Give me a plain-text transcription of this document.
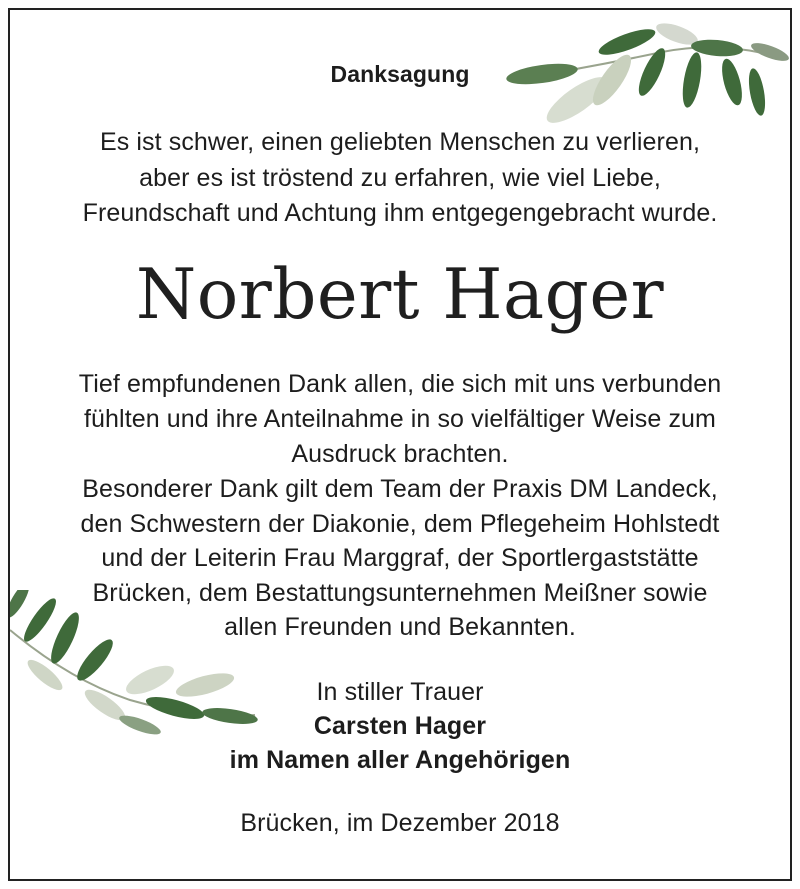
Danksagung
Es ist schwer, einen geliebten Menschen zu verlieren,
aber es ist tröstend zu erfahren, wie viel Liebe,
Freundschaft und Achtung ihm entgegengebracht wurde.
Norbert Hager
Tief empfundenen Dank allen, die sich mit uns verbunden
fühlten und ihre Anteilnahme in so vielfältiger Weise zum
Ausdruck brachten.
Besonderer Dank gilt dem Team der Praxis DM Landeck,
den Schwestern der Diakonie, dem Pflegeheim Hohlstedt
und der Leiterin Frau Marggraf, der Sportlergaststätte
Brücken, dem Bestattungsunternehmen Meißner sowie
allen Freunden und Bekannten.
In stiller Trauer
Carsten Hager
im Namen aller Angehörigen
Brücken, im Dezember 2018
